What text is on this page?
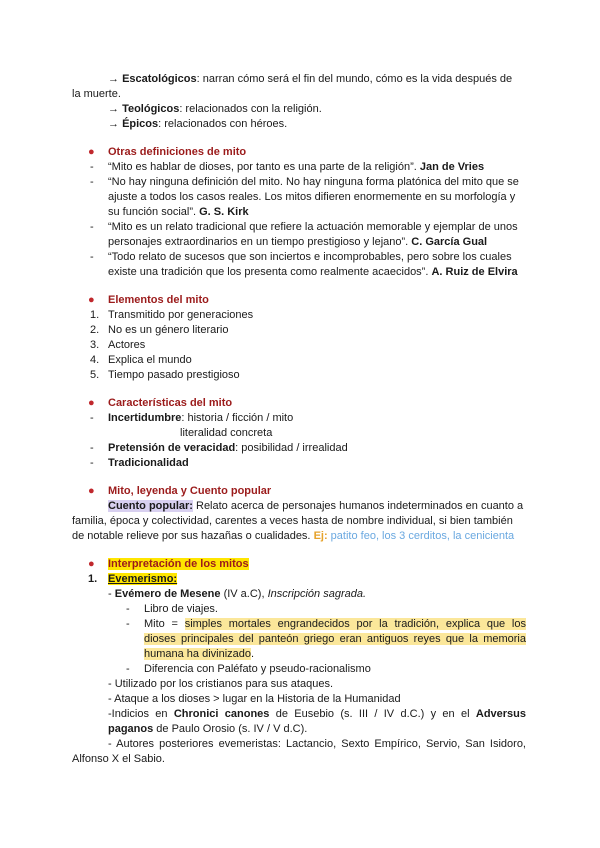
→ Escatológicos: narran cómo será el fin del mundo, cómo es la vida después de
la muerte.
→ Teológicos: relacionados con la religión.
→ Épicos: relacionados con héroes.
● Otras definiciones de mito
- “Mito es hablar de dioses, por tanto es una parte de la religión”. Jan de Vries
- “No hay ninguna definición del mito. No hay ninguna forma platónica del mito que se
ajuste a todos los casos reales. Los mitos difieren enormemente en su morfología y
su función social”. G. S. Kirk
- “Mito es un relato tradicional que refiere la actuación memorable y ejemplar de unos
personajes extraordinarios en un tiempo prestigioso y lejano”. C. García Gual
- “Todo relato de sucesos que son inciertos e incomprobables, pero sobre los cuales
existe una tradición que los presenta como realmente acaecidos”. A. Ruiz de Elvira
● Elementos del mito
1. Transmitido por generaciones
2. No es un género literario
3. Actores
4. Explica el mundo
5. Tiempo pasado prestigioso
● Características del mito
- Incertidumbre: historia / ficción / mito
literalidad concreta
- Pretensión de veracidad: posibilidad / irrealidad
- Tradicionalidad
● Mito, leyenda y Cuento popular
Cuento popular: Relato acerca de personajes humanos indeterminados en cuanto a
familia, época y colectividad, carentes a veces hasta de nombre individual, si bien también
de notable relieve por sus hazañas o cualidades. Ej: patito feo, los 3 cerditos, la cenicienta
● Interpretación de los mitos
1. Evemerismo:
- Evémero de Mesene (IV a.C), Inscripción sagrada.
- Libro de viajes.
- Mito = simples mortales engrandecidos por la tradición, explica que los
dioses principales del panteón griego eran antiguos reyes que la memoria
humana ha divinizado.
- Diferencia con Paléfato y pseudo-racionalismo
- Utilizado por los cristianos para sus ataques.
- Ataque a los dioses > lugar en la Historia de la Humanidad
-Indicios en Chronici canones de Eusebio (s. III / IV d.C.) y en el Adversus
paganos de Paulo Orosio (s. IV / V d.C).
- Autores posteriores evemeristas: Lactancio, Sexto Empírico, Servio, San Isidoro,
Alfonso X el Sabio.
